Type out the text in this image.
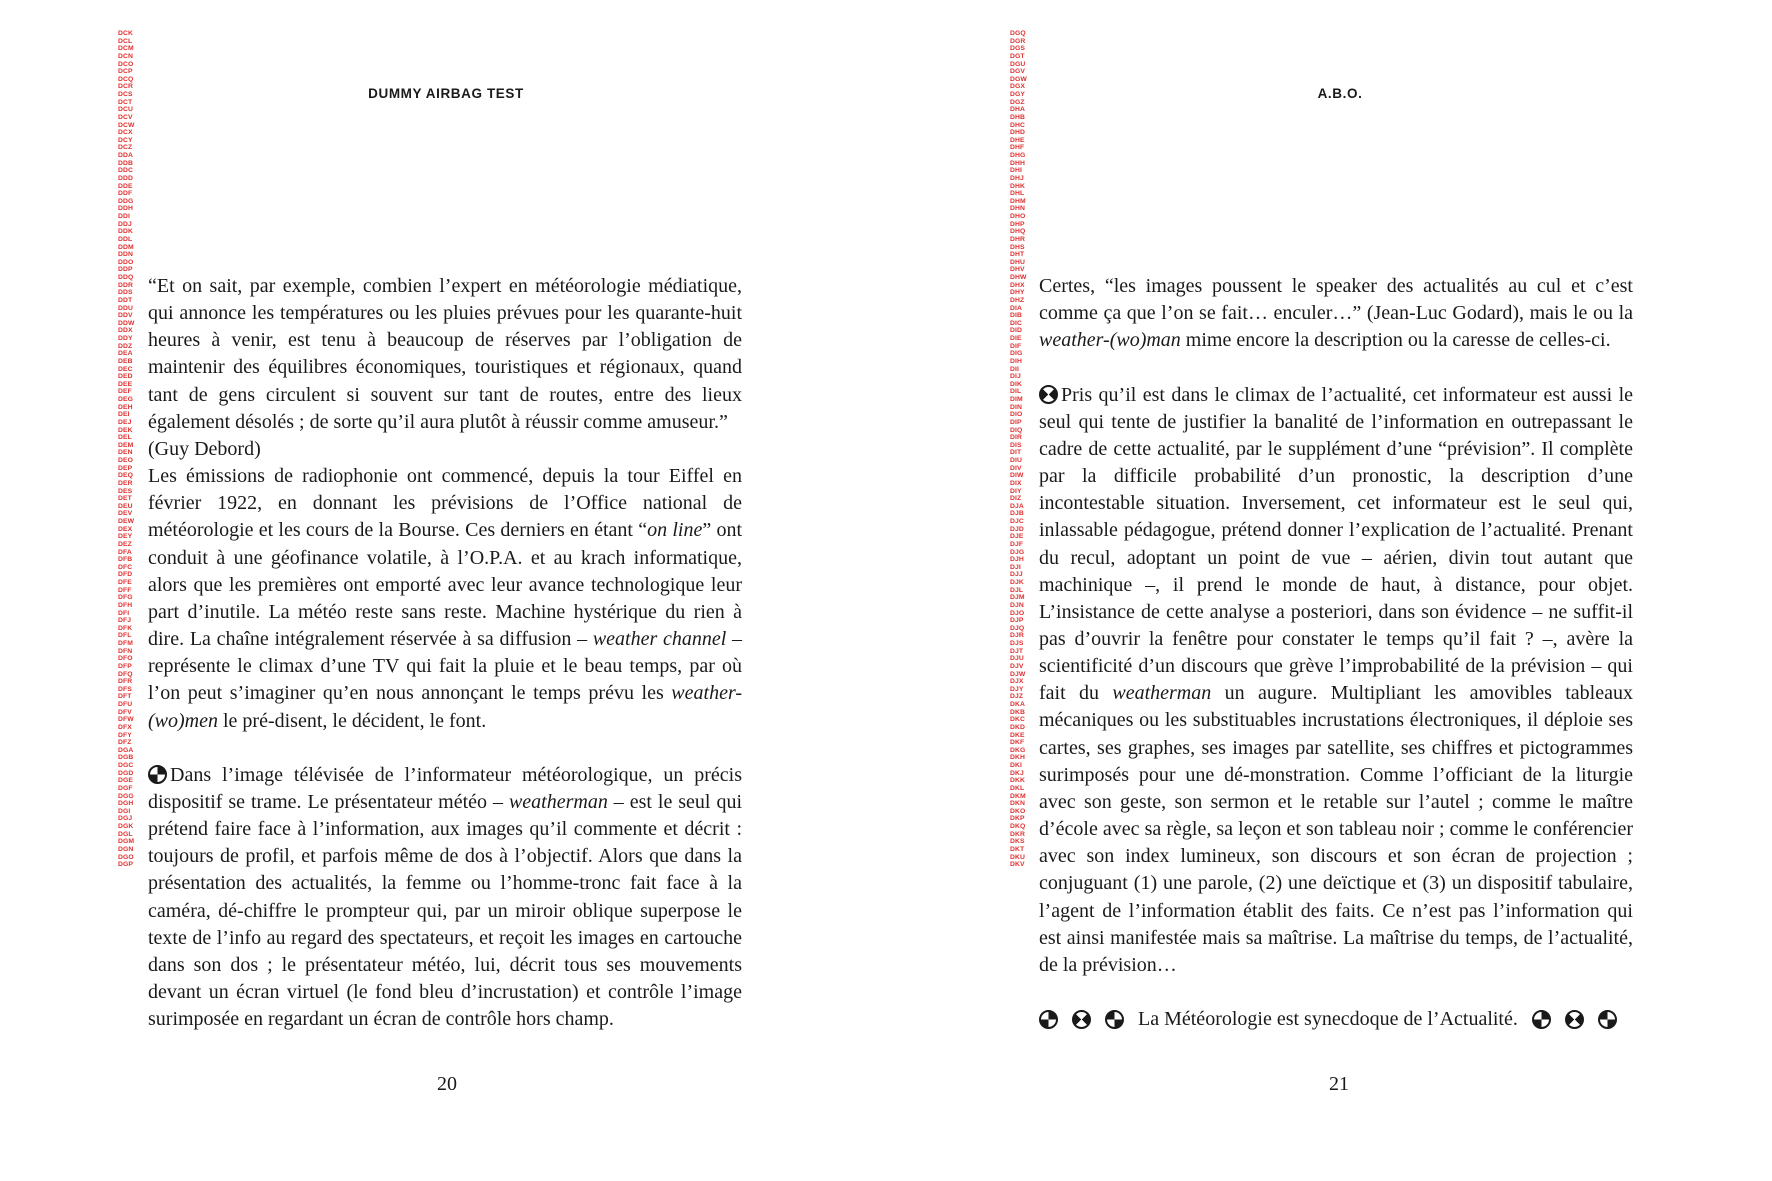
DCK
DCL
DCM
DCN
DCO
DCP
DCQ
DCR
DCS
DCT
DCU
DCV
DCW
DCX
DCY
DCZ
DDA
DDB
DDC
DDD
DDE
DDF
DDG
DDH
DDI
DDJ
DDK
DDL
DDM
DDN
DDO
DDP
DDQ
DDR
DDS
DDT
DDU
DDV
DDW
DDX
DDY
DDZ
DEA
DEB
DEC
DED
DEE
DEF
DEG
DEH
DEI
DEJ
DEK
DEL
DEM
DEN
DEO
DEP
DEQ
DER
DES
DET
DEU
DEV
DEW
DEX
DEY
DEZ
DFA
DFB
DFC
DFD
DFE
DFF
DFG
DFH
DFI
DFJ
DFK
DFL
DFM
DFN
DFO
DFP
DFQ
DFR
DFS
DFT
DFU
DFV
DFW
DFX
DFY
DFZ
DGA
DGB
DGC
DGD
DGE
DGF
DGG
DGH
DGI
DGJ
DGK
DGL
DGM
DGN
DGO
DGP
DUMMY AIRBAG TEST

“Et on sait, par exemple, combien l’expert en météorologie médiatique, qui annonce les températures ou les pluies prévues pour les quarante-huit heures à venir, est tenu à beaucoup de réserves par l’obligation de maintenir des équilibres économiques, touristiques et régionaux, quand tant de gens circulent si souvent sur tant de routes, entre des lieux également désolés ; de sorte qu’il aura plutôt à réussir comme amuseur.”
(Guy Debord)

Les émissions de radiophonie ont commencé, depuis la tour Eiffel en février 1922, en donnant les prévisions de l’Office national de météorologie et les cours de la Bourse. Ces derniers en étant “on line” ont conduit à une géofinance volatile, à l’O.P.A. et au krach informatique, alors que les premières ont emporté avec leur avance technologique leur part d’inutile. La météo reste sans reste. Machine hystérique du rien à dire. La chaîne intégralement réservée à sa diffusion – weather channel – représente le climax d’une TV qui fait la pluie et le beau temps, par où l’on peut s’imaginer qu’en nous annonçant le temps prévu les weather-(wo)men le pré-disent, le décident, le font.

Dans l’image télévisée de l’informateur météorologique, un précis dispositif se trame. Le présentateur météo – weatherman – est le seul qui prétend faire face à l’information, aux images qu’il commente et décrit : toujours de profil, et parfois même de dos à l’objectif. Alors que dans la présentation des actualités, la femme ou l’homme-tronc fait face à la caméra, dé-chiffre le prompteur qui, par un miroir oblique superpose le texte de l’info au regard des spectateurs, et reçoit les images en cartouche dans son dos ; le présentateur météo, lui, décrit tous ses mouvements devant un écran virtuel (le fond bleu d’incrustation) et contrôle l’image surimposée en regardant un écran de contrôle hors champ.

20
DGQ
DGR
DGS
DGT
DGU
DGV
DGW
DGX
DGY
DGZ
DHA
DHB
DHC
DHD
DHE
DHF
DHG
DHH
DHI
DHJ
DHK
DHL
DHM
DHN
DHO
DHP
DHQ
DHR
DHS
DHT
DHU
DHV
DHW
DHX
DHY
DHZ
DIA
DIB
DIC
DID
DIE
DIF
DIG
DIH
DII
DIJ
DIK
DIL
DIM
DIN
DIO
DIP
DIQ
DIR
DIS
DIT
DIU
DIV
DIW
DIX
DIY
DIZ
DJA
DJB
DJC
DJD
DJE
DJF
DJG
DJH
DJI
DJJ
DJK
DJL
DJM
DJN
DJO
DJP
DJQ
DJR
DJS
DJT
DJU
DJV
DJW
DJX
DJY
DJZ
DKA
DKB
DKC
DKD
DKE
DKF
DKG
DKH
DKI
DKJ
DKK
DKL
DKM
DKN
DKO
DKP
DKQ
DKR
DKS
DKT
DKU
DKV
A.B.O.

Certes, “les images poussent le speaker des actualités au cul et c’est comme ça que l’on se fait… enculer…” (Jean-Luc Godard), mais le ou la weather-(wo)man mime encore la description ou la caresse de celles-ci.

Pris qu’il est dans le climax de l’actualité, cet informateur est aussi le seul qui tente de justifier la banalité de l’information en outrepassant le cadre de cette actualité, par le supplément d’une “prévision”. Il complète par la difficile probabilité d’un pronostic, la description d’une incontestable situation. Inversement, cet informateur est le seul qui, inlassable pédagogue, prétend donner l’explication de l’actualité. Prenant du recul, adoptant un point de vue – aérien, divin tout autant que machinique –, il prend le monde de haut, à distance, pour objet. L’insistance de cette analyse a posteriori, dans son évidence – ne suffit-il pas d’ouvrir la fenêtre pour constater le temps qu’il fait ? –, avère la scientificité d’un discours que grève l’improbabilité de la prévision – qui fait du weatherman un augure. Multipliant les amovibles tableaux mécaniques ou les substituables incrustations électroniques, il déploie ses cartes, ses graphes, ses images par satellite, ses chiffres et pictogrammes surimposés pour une dé-monstration. Comme l’officiant de la liturgie avec son geste, son sermon et le retable sur l’autel ; comme le maître d’école avec sa règle, sa leçon et son tableau noir ; comme le conférencier avec son index lumineux, son discours et son écran de projection ; conjuguant (1) une parole, (2) une deïctique et (3) un dispositif tabulaire, l’agent de l’information établit des faits. Ce n’est pas l’information qui est ainsi manifestée mais sa maîtrise. La maîtrise du temps, de l’actualité, de la prévision…

La Météorologie est synecdoque de l’Actualité.
21
